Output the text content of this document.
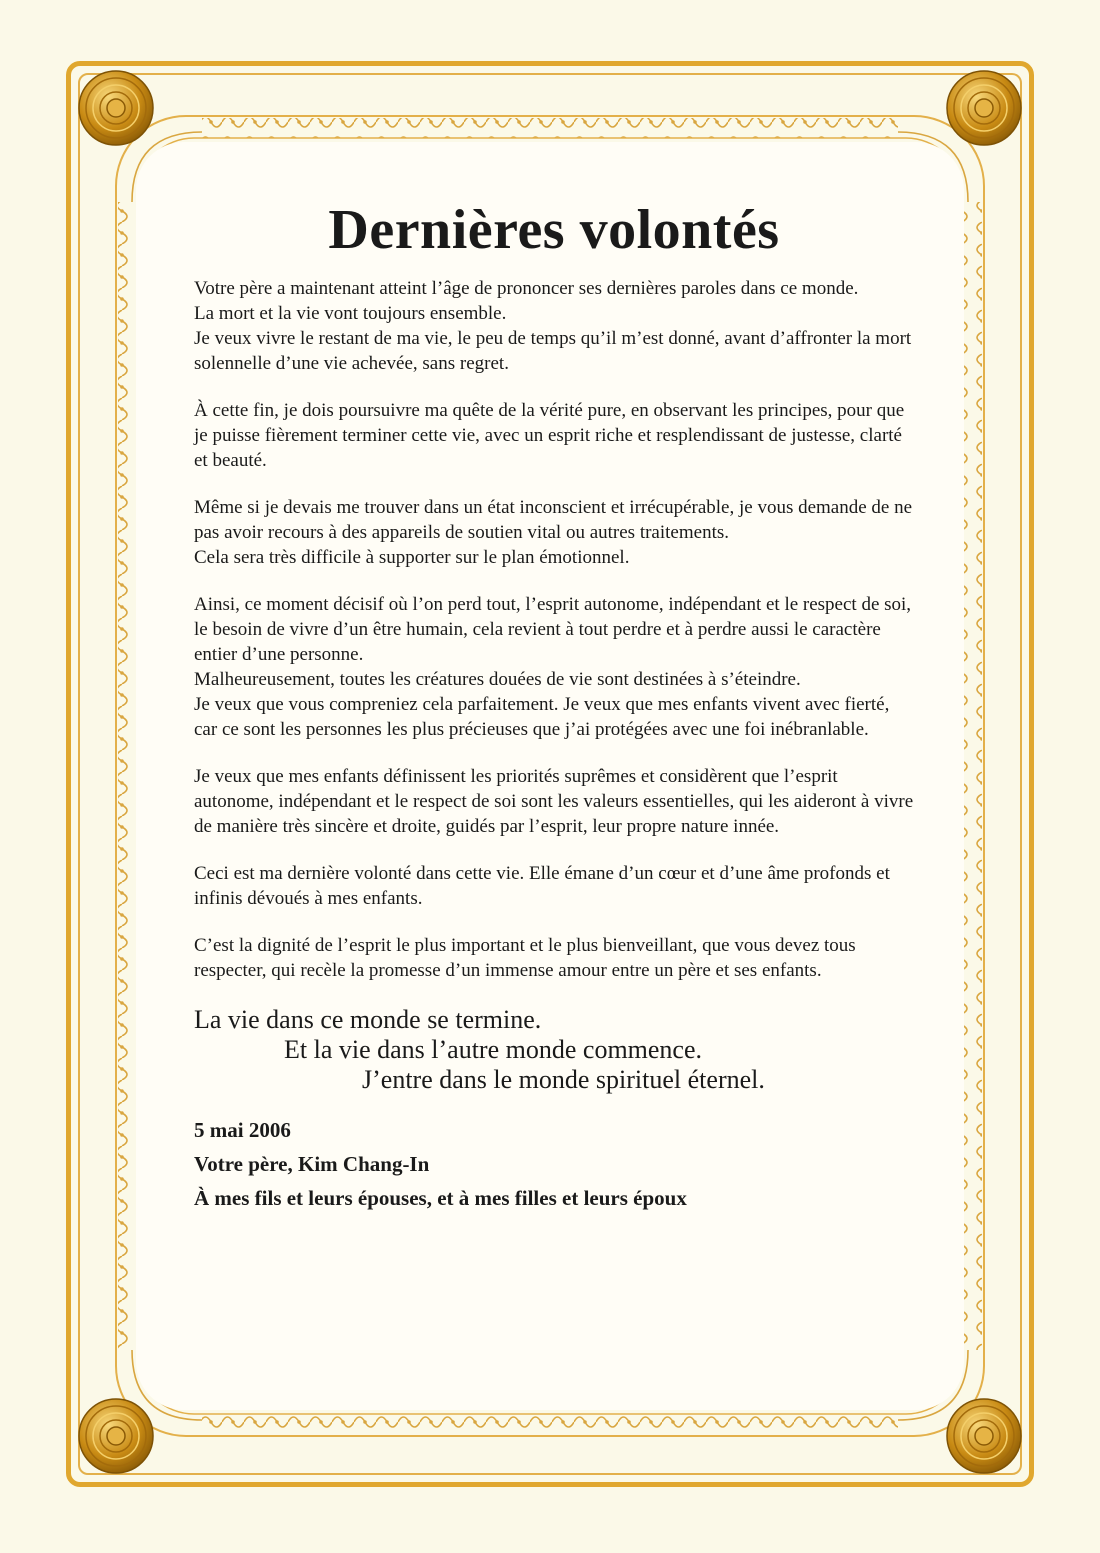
Dernières volontés
Votre père a maintenant atteint l’âge de prononcer ses dernières paroles dans ce monde.
La mort et la vie vont toujours ensemble.
Je veux vivre le restant de ma vie, le peu de temps qu’il m’est donné, avant d’affronter la mort solennelle d’une vie achevée, sans regret.
À cette fin, je dois poursuivre ma quête de la vérité pure, en observant les principes, pour que je puisse fièrement terminer cette vie, avec un esprit riche et resplendissant de justesse, clarté et beauté.
Même si je devais me trouver dans un état inconscient et irrécupérable, je vous demande de ne pas avoir recours à des appareils de soutien vital ou autres traitements.
Cela sera très difficile à supporter sur le plan émotionnel.
Ainsi, ce moment décisif où l’on perd tout, l’esprit autonome, indépendant et le respect de soi, le besoin de vivre d’un être humain, cela revient à tout perdre et à perdre aussi le caractère entier d’une personne.
Malheureusement, toutes les créatures douées de vie sont destinées à s’éteindre.
Je veux que vous compreniez cela parfaitement. Je veux que mes enfants vivent avec fierté, car ce sont les personnes les plus précieuses que j’ai protégées avec une foi inébranlable.
Je veux que mes enfants définissent les priorités suprêmes et considèrent que l’esprit autonome, indépendant et le respect de soi sont les valeurs essentielles, qui les aideront à vivre de manière très sincère et droite, guidés par l’esprit, leur propre nature innée.
Ceci est ma dernière volonté dans cette vie. Elle émane d’un cœur et d’une âme profonds et infinis dévoués à mes enfants.
C’est la dignité de l’esprit le plus important et le plus bienveillant, que vous devez tous respecter, qui recèle la promesse d’un immense amour entre un père et ses enfants.
La vie dans ce monde se termine.
Et la vie dans l’autre monde commence.
J’entre dans le monde spirituel éternel.
5 mai 2006
Votre père, Kim Chang-In
À mes fils et leurs épouses, et à mes filles et leurs époux
